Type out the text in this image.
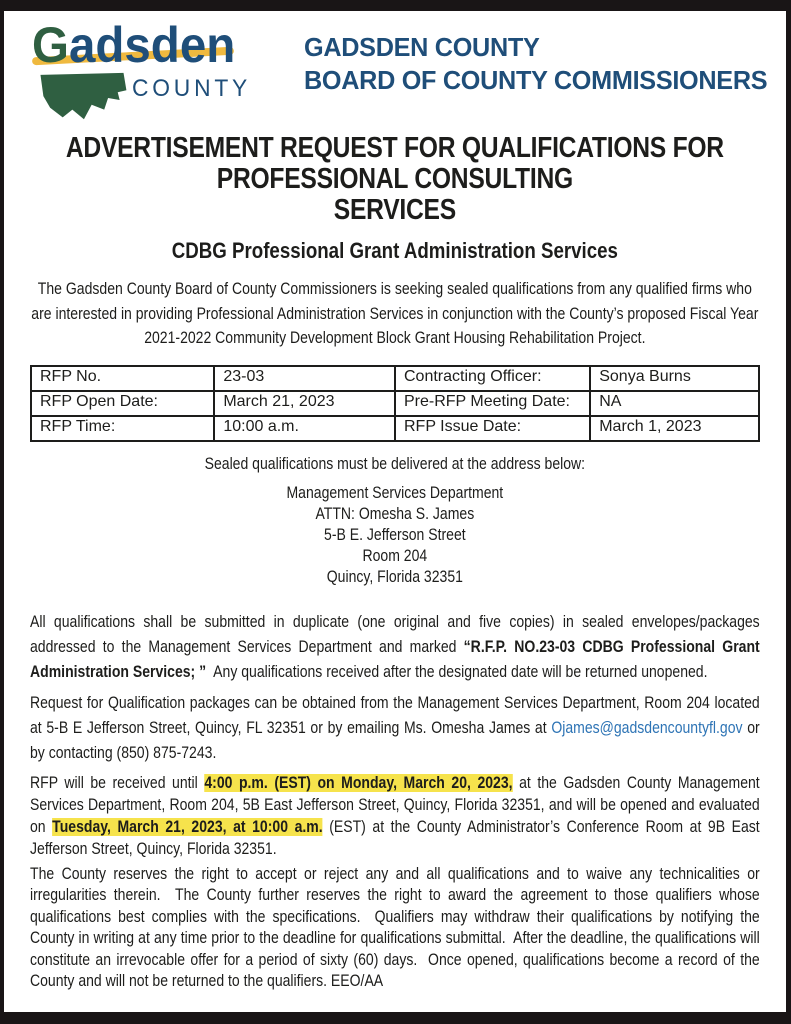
Gadsden
COUNTY
GADSDEN COUNTY
BOARD OF COUNTY COMMISSIONERS
ADVERTISEMENT REQUEST FOR QUALIFICATIONS FOR
PROFESSIONAL CONSULTING
SERVICES
CDBG Professional Grant Administration Services

The Gadsden County Board of County Commissioners is seeking sealed qualifications from any qualified firms who are interested in providing Professional Administration Services in conjunction with the County’s proposed Fiscal Year 2021-2022 Community Development Block Grant Housing Rehabilitation Project.

RFP No.	23-03	Contracting Officer:	Sonya Burns
RFP Open Date:	March 21, 2023	Pre-RFP Meeting Date:	NA
RFP Time:	10:00 a.m.	RFP Issue Date:	March 1, 2023
Sealed qualifications must be delivered at the address below:
Management Services Department
ATTN: Omesha S. James
5-B E. Jefferson Street
Room 204
Quincy, Florida 32351

All qualifications shall be submitted in duplicate (one original and five copies) in sealed envelopes/packages addressed to the Management Services Department and marked “R.F.P. NO.23-03 CDBG Professional Grant Administration Services; ”  Any qualifications received after the designated date will be returned unopened.

Request for Qualification packages can be obtained from the Management Services Department, Room 204 located at 5-B E Jefferson Street, Quincy, FL 32351 or by emailing Ms. Omesha James at Ojames@gadsdencountyfl.gov or by contacting (850) 875-7243.

RFP will be received until 4:00 p.m. (EST) on Monday, March 20, 2023, at the Gadsden County Management Services Department, Room 204, 5B East Jefferson Street, Quincy, Florida 32351, and will be opened and evaluated on Tuesday, March 21, 2023, at 10:00 a.m. (EST) at the County Administrator’s Conference Room at 9B East Jefferson Street, Quincy, Florida 32351.

The County reserves the right to accept or reject any and all qualifications and to waive any technicalities or irregularities therein.  The County further reserves the right to award the agreement to those qualifiers whose qualifications best complies with the specifications.  Qualifiers may withdraw their qualifications by notifying the County in writing at any time prior to the deadline for qualifications submittal.  After the deadline, the qualifications will constitute an irrevocable offer for a period of sixty (60) days.  Once opened, qualifications become a record of the County and will not be returned to the qualifiers. EEO/AA
